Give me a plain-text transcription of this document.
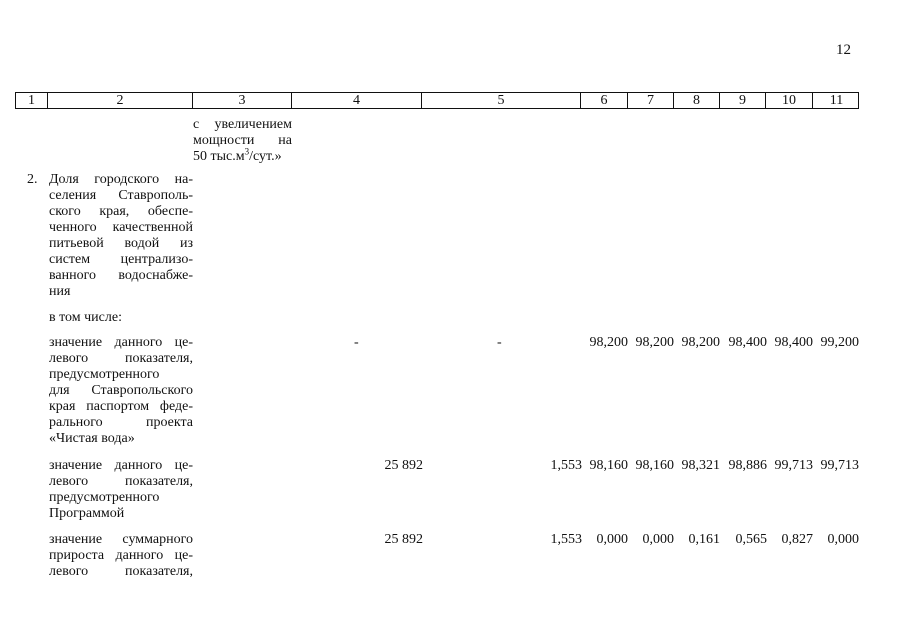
12
1	2	3	4	5	6	7	8	9	10	11
с увеличением
мощности на
50 $тыс.м^3$/сут.»
2. Доля городского на-
селения Ставрополь-
ского края, обеспе-
ченного качественной
питьевой водой из
систем централизо-
ванного водоснабже-
ния
в том числе:
значение данного це-
левого показателя,
предусмотренного
для Ставропольского
края паспортом феде-
рального проекта
«Чистая вода»
-	-	98,200 98,200 98,200 98,400 98,400 99,200
значение данного це-
левого показателя,
предусмотренного
Программой
25 892	1,553 98,160 98,160 98,321 98,886 99,713 99,713
значение суммарного
прироста данного це-
левого показателя,
25 892	1,553 0,000 0,000 0,161 0,565 0,827 0,000
